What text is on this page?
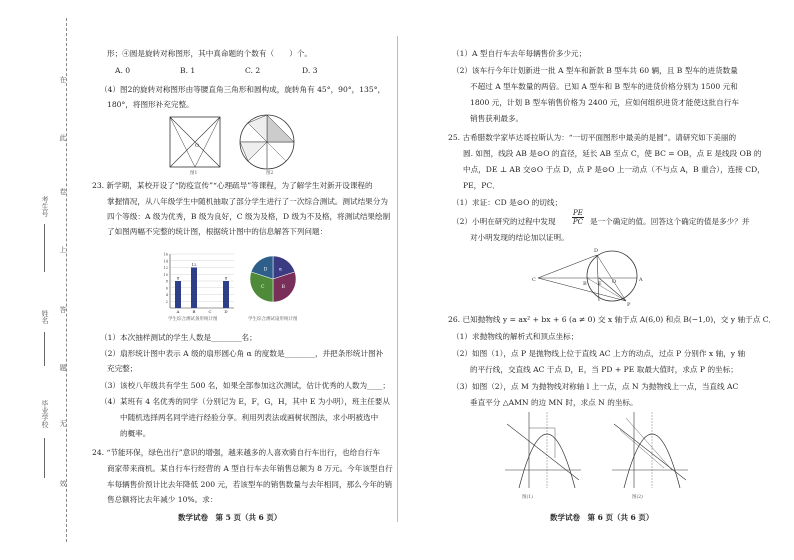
在
此
卷
上
答
题
无
效
考生号
姓名
毕业学校
形；④圆是旋转对称图形，其中真命题的个数有（　　）个。
A. 0	B. 1	C. 2	D. 3
（4）图2的旋转对称图形由等腰直角三角形和圆构成，旋转角有 45°，90°，135°，
180°，将图形补充完整。
O
图1	图2
23. 新学期，某校开设了“防疫宣传”“心理疏导”等课程，为了解学生对新开设课程的
掌握情况，从八年级学生中随机抽取了部分学生进行了一次综合测试。测试结果分为
四个等级：A 级为优秀，B 级为良好，C 级为及格，D 级为不及格，将测试结果绘制
了如图两幅不完整的统计图，根据统计图中的信息解答下列问题：
2
4
6
8
10
12
14
16
8
A
12
B	C
8
D
学生综合测试条形统计图
α
B
C
D
学生综合测试扇形统计图
（1）本次抽样测试的学生人数是________名；
（2）扇形统计图中表示 A 级的扇形圆心角 α 的度数是________，并把条形统计图补
充完整；
（3）该校八年级共有学生 500 名，如果全部参加这次测试，估计优秀的人数为____；
（4）某班有 4 名优秀的同学（分别记为 E，F，G，H，其中 E 为小明），班主任要从
中随机选择两名同学进行经验分享。利用列表法或画树状图法，求小明被选中
的概率。
24. “节能环保，绿色出行”意识的增强，越来越多的人喜欢骑自行车出行，也给自行车
商家带来商机。某自行车行经营的 A 型自行车去年销售总额为 8 万元。今年该型自行
车每辆售价预计比去年降低 200 元，若该型车的销售数量与去年相同，那么今年的销
售总额将比去年减少 10%。求：
数学试卷　第 5 页（共 6 页）
（1）A 型自行车去年每辆售价多少元；
（2）该车行今年计划新进一批 A 型车和新款 B 型车共 60 辆，且 B 型车的进货数量
不超过 A 型车数量的两倍。已知 A 型车和 B 型车的进货价格分别为 1500 元和
1800 元，计划 B 型车销售价格为 2400 元，应如何组织进货才能使这批自行车
销售获利最多。
25. 古希腊数学家毕达哥拉斯认为：“一切平面图形中最美的是圆”。请研究如下美丽的
圆. 如图，线段 AB 是⊙O 的直径，延长 AB 至点 C，使 BC = OB，点 E 是线段 OB 的
中点，DE ⊥ AB 交⊙O 于点 D，点 P 是⊙O 上一动点（不与点 A，B 重合），连接 CD，
PE，PC．
（1）求证：CD 是⊙O 的切线；
（2）小明在研究的过程中发现 $\frac{PE}{PC}$ 是一个确定的值。回答这个确定的值是多少？并
对小明发现的结论加以证明。
C
D
B E O	A
P
26. 已知抛物线 y = ax² + bx + 6 (a ≠ 0) 交 x 轴于点 A(6,0) 和点 B(−1,0)，交 y 轴于点 C．
（1）求抛物线的解析式和顶点坐标；
（2）如图（1），点 P 是抛物线上位于直线 AC 上方的动点，过点 P 分别作 x 轴，y 轴
的平行线，交直线 AC 于点 D，E，当 PD + PE 取最大值时，求点 P 的坐标；
（3）如图（2），点 M 为抛物线对称轴 l 上一点，点 N 为抛物线上一点，当直线 AC
垂直平分 △AMN 的边 MN 时，求点 N 的坐标。
图(1)	图(2)
数学试卷　第 6 页（共 6 页）
